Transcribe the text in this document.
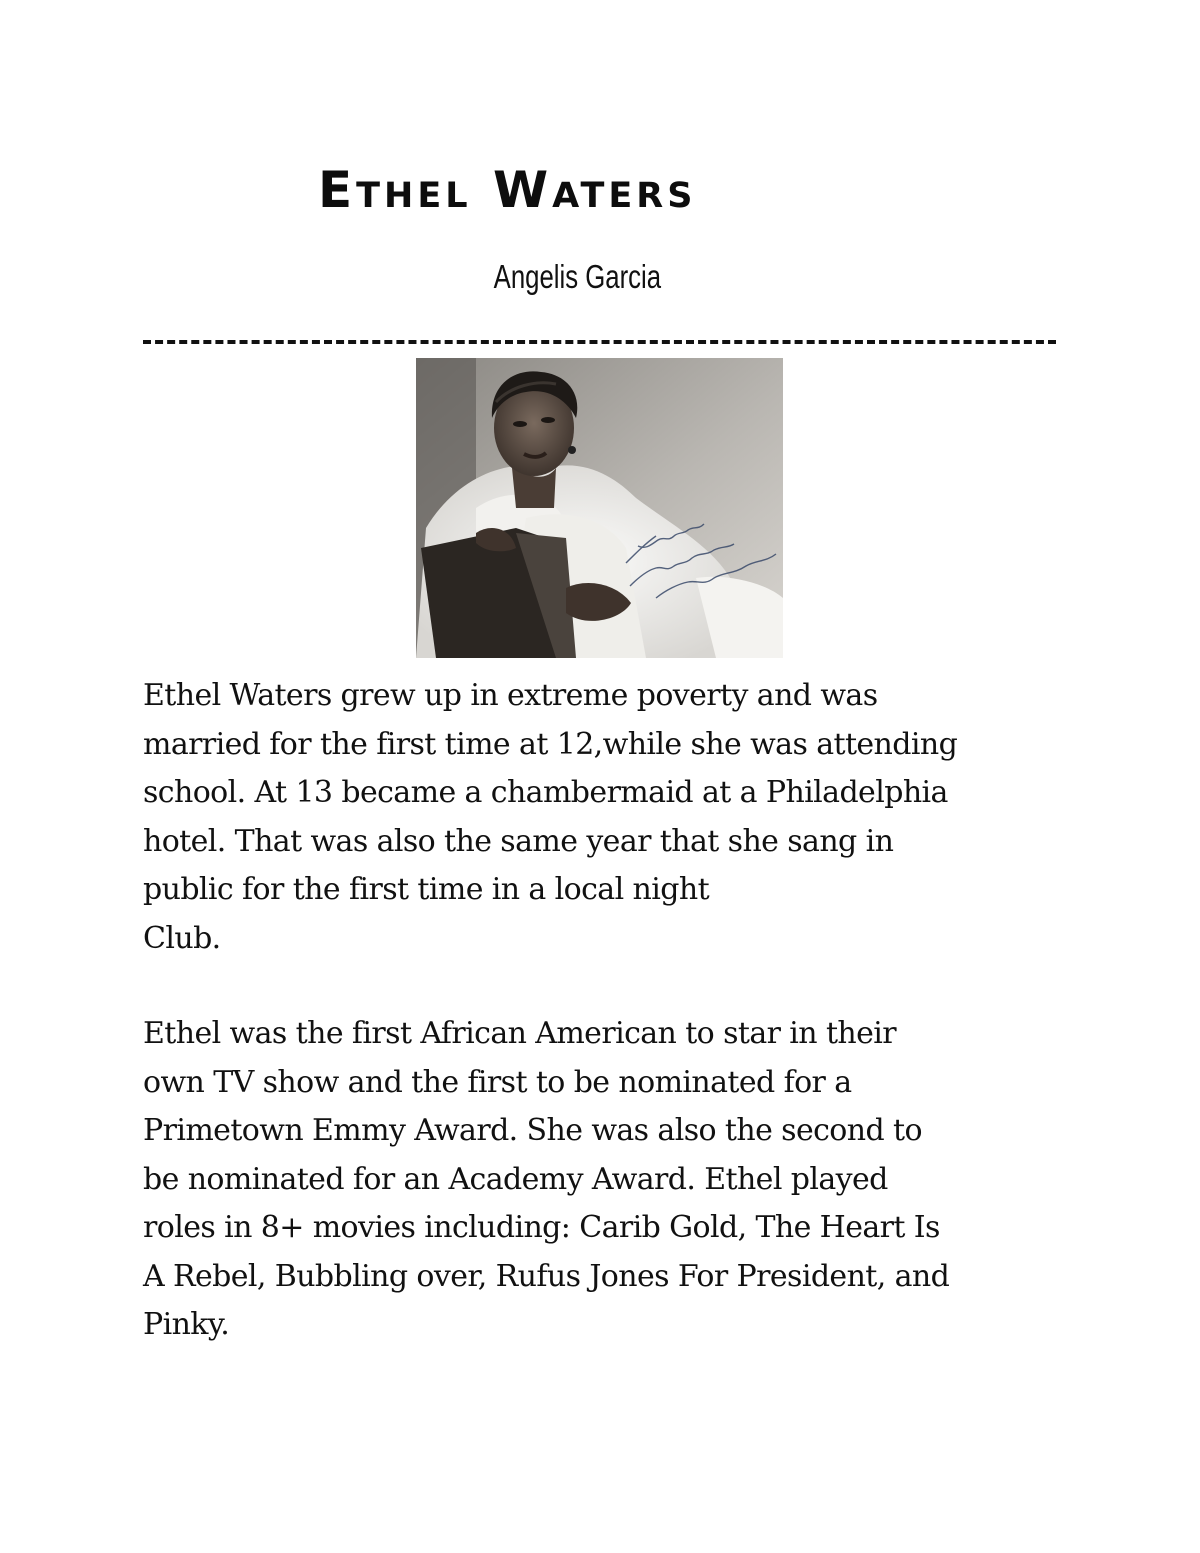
Ethel Waters
Angelis Garcia
Ethel Waters grew up in extreme poverty and was
married for the first time at 12,while she was attending
school. At 13 became a chambermaid at a Philadelphia
hotel. That was also the same year that she sang in
public for the first time in a local night
Club.
Ethel was the first African American to star in their
own TV show and the first to be nominated for a
Primetown Emmy Award. She was also the second to
be nominated for an Academy Award. Ethel played
roles in 8+ movies including: Carib Gold, The Heart Is
A Rebel, Bubbling over, Rufus Jones For President, and
Pinky.
